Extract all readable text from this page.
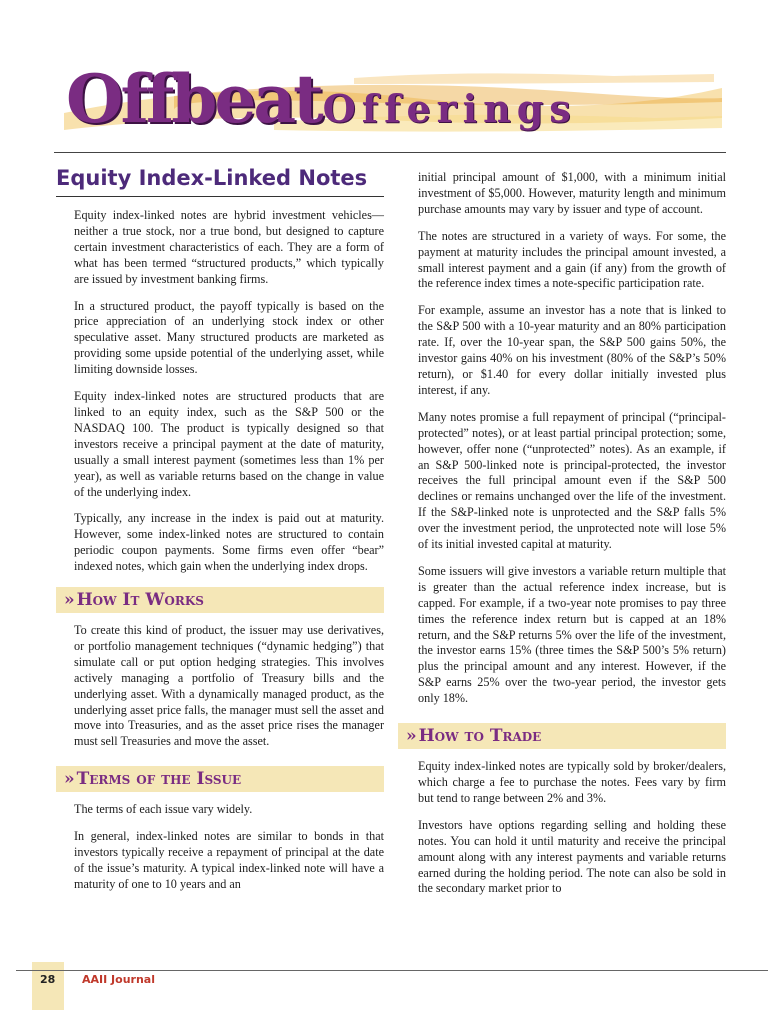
OffbeatOfferings
Equity Index-Linked Notes

Equity index-linked notes are hybrid investment vehicles—neither a true stock, nor a true bond, but designed to capture certain investment characteristics of each. They are a form of what has been termed “structured products,” which typically are issued by investment banking firms.

In a structured product, the payoff typically is based on the price appreciation of an underlying stock index or other speculative asset. Many structured products are marketed as providing some upside potential of the underlying asset, while limiting downside losses.

Equity index-linked notes are structured products that are linked to an equity index, such as the S&P 500 or the NASDAQ 100. The product is typically designed so that investors receive a principal payment at the date of maturity, usually a small interest payment (sometimes less than 1% per year), as well as variable returns based on the change in value of the underlying index.

Typically, any increase in the index is paid out at maturity. However, some index-linked notes are structured to contain periodic coupon payments. Some firms even offer “bear” indexed notes, which gain when the underlying index drops.

» How It Works

To create this kind of product, the issuer may use derivatives, or portfolio management techniques (“dynamic hedging”) that simulate call or put option hedging strategies. This involves actively managing a portfolio of Treasury bills and the underlying asset. With a dynamically managed product, as the underlying asset price falls, the manager must sell the asset and move into Treasuries, and as the asset price rises the manager must sell Treasuries and move the asset.

» Terms of the Issue

The terms of each issue vary widely.

In general, index-linked notes are similar to bonds in that investors typically receive a repayment of principal at the date of the issue’s maturity. A typical index-linked note will have a maturity of one to 10 years and an

initial principal amount of $1,000, with a minimum initial investment of $5,000. However, maturity length and minimum purchase amounts may vary by issuer and type of account.

The notes are structured in a variety of ways. For some, the payment at maturity includes the principal amount invested, a small interest payment and a gain (if any) from the growth of the reference index times a note-specific participation rate.

For example, assume an investor has a note that is linked to the S&P 500 with a 10-year maturity and an 80% participation rate. If, over the 10-year span, the S&P 500 gains 50%, the investor gains 40% on his investment (80% of the S&P’s 50% return), or $1.40 for every dollar initially invested plus interest, if any.

Many notes promise a full repayment of principal (“principal-protected” notes), or at least partial principal protection; some, however, offer none (“unprotected” notes). As an example, if an S&P 500-linked note is principal-protected, the investor receives the full principal amount even if the S&P 500 declines or remains unchanged over the life of the investment. If the S&P-linked note is unprotected and the S&P falls 5% over the investment period, the unprotected note will lose 5% of its initial invested capital at maturity.

Some issuers will give investors a variable return multiple that is greater than the actual reference index increase, but is capped. For example, if a two-year note promises to pay three times the reference index return but is capped at an 18% return, and the S&P returns 5% over the life of the investment, the investor earns 15% (three times the S&P 500’s 5% return) plus the principal amount and any interest. However, if the S&P earns 25% over the two-year period, the investor gets only 18%.

» How to Trade

Equity index-linked notes are typically sold by broker/dealers, which charge a fee to purchase the notes. Fees vary by firm but tend to range between 2% and 3%.

Investors have options regarding selling and holding these notes. You can hold it until maturity and receive the principal amount along with any interest payments and variable returns earned during the holding period. The note can also be sold in the secondary market prior to

28 AAII Journal
